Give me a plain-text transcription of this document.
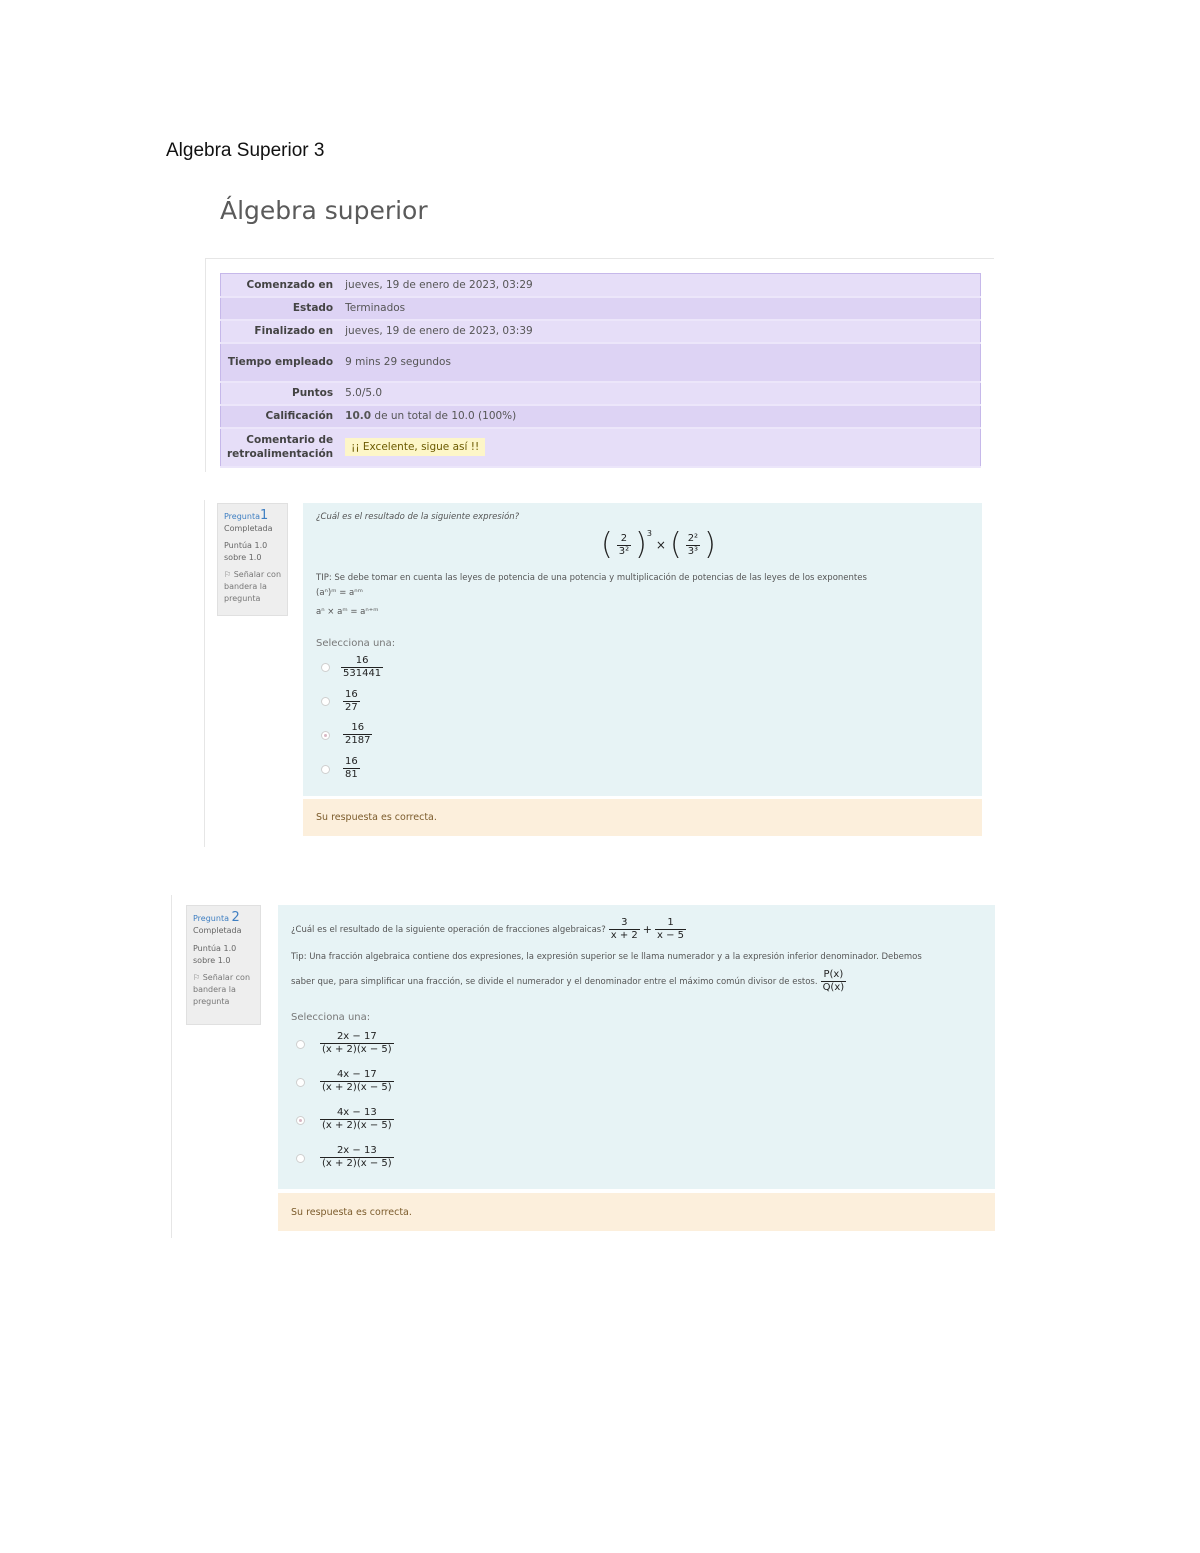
Algebra Superior 3
Álgebra superior
Comenzado en	jueves, 19 de enero de 2023, 03:29
Estado	Terminados
Finalizado en	jueves, 19 de enero de 2023, 03:39
Tiempo empleado	9 mins 29 segundos
Puntos	5.0/5.0
Calificación	10.0 de un total de 10.0 (100%)
Comentario de retroalimentación	¡¡ Excelente, sigue así !!
Pregunta1
Completada
Puntúa 1.0 sobre 1.0
⚐ Señalar con bandera la pregunta
¿Cuál es el resultado de la siguiente expresión?
( $\frac{2}{\text{3²}} )^3$
× ( $\frac{\text{2²}}{\text{3³}}$ )
TIP: Se debe tomar en cuenta las leyes de potencia de una potencia y multiplicación de potencias de las leyes de los exponentes
(aⁿ)ᵐ = aⁿᵐ
aⁿ × aᵐ = aⁿ⁺ᵐ
Selecciona una:
$\frac{16}{531441}$
$\frac{16}{27}$
$\frac{16}{2187}$
$\frac{16}{81}$
Su respuesta es correcta.
Pregunta 2
Completada
Puntúa 1.0 sobre 1.0
⚐ Señalar con bandera la pregunta
¿Cuál es el resultado de la siguiente operación de fracciones algebraicas? $\frac{3}{x + 2} + \frac{1}{x - 5}$
Tip: Una fracción algebraica contiene dos expresiones, la expresión superior se le llama numerador y a la expresión inferior denominador. Debemos
saber que, para simplificar una fracción, se divide el numerador y el denominador entre el máximo común divisor de estos. $\frac{P(x)}{Q(x)}$
Selecciona una:
$\frac{2x - 17}{(x + 2)(x - 5)}$
$\frac{4x - 17}{(x + 2)(x - 5)}$
$\frac{4x - 13}{(x + 2)(x - 5)}$
$\frac{2x - 13}{(x + 2)(x - 5)}$
Su respuesta es correcta.
